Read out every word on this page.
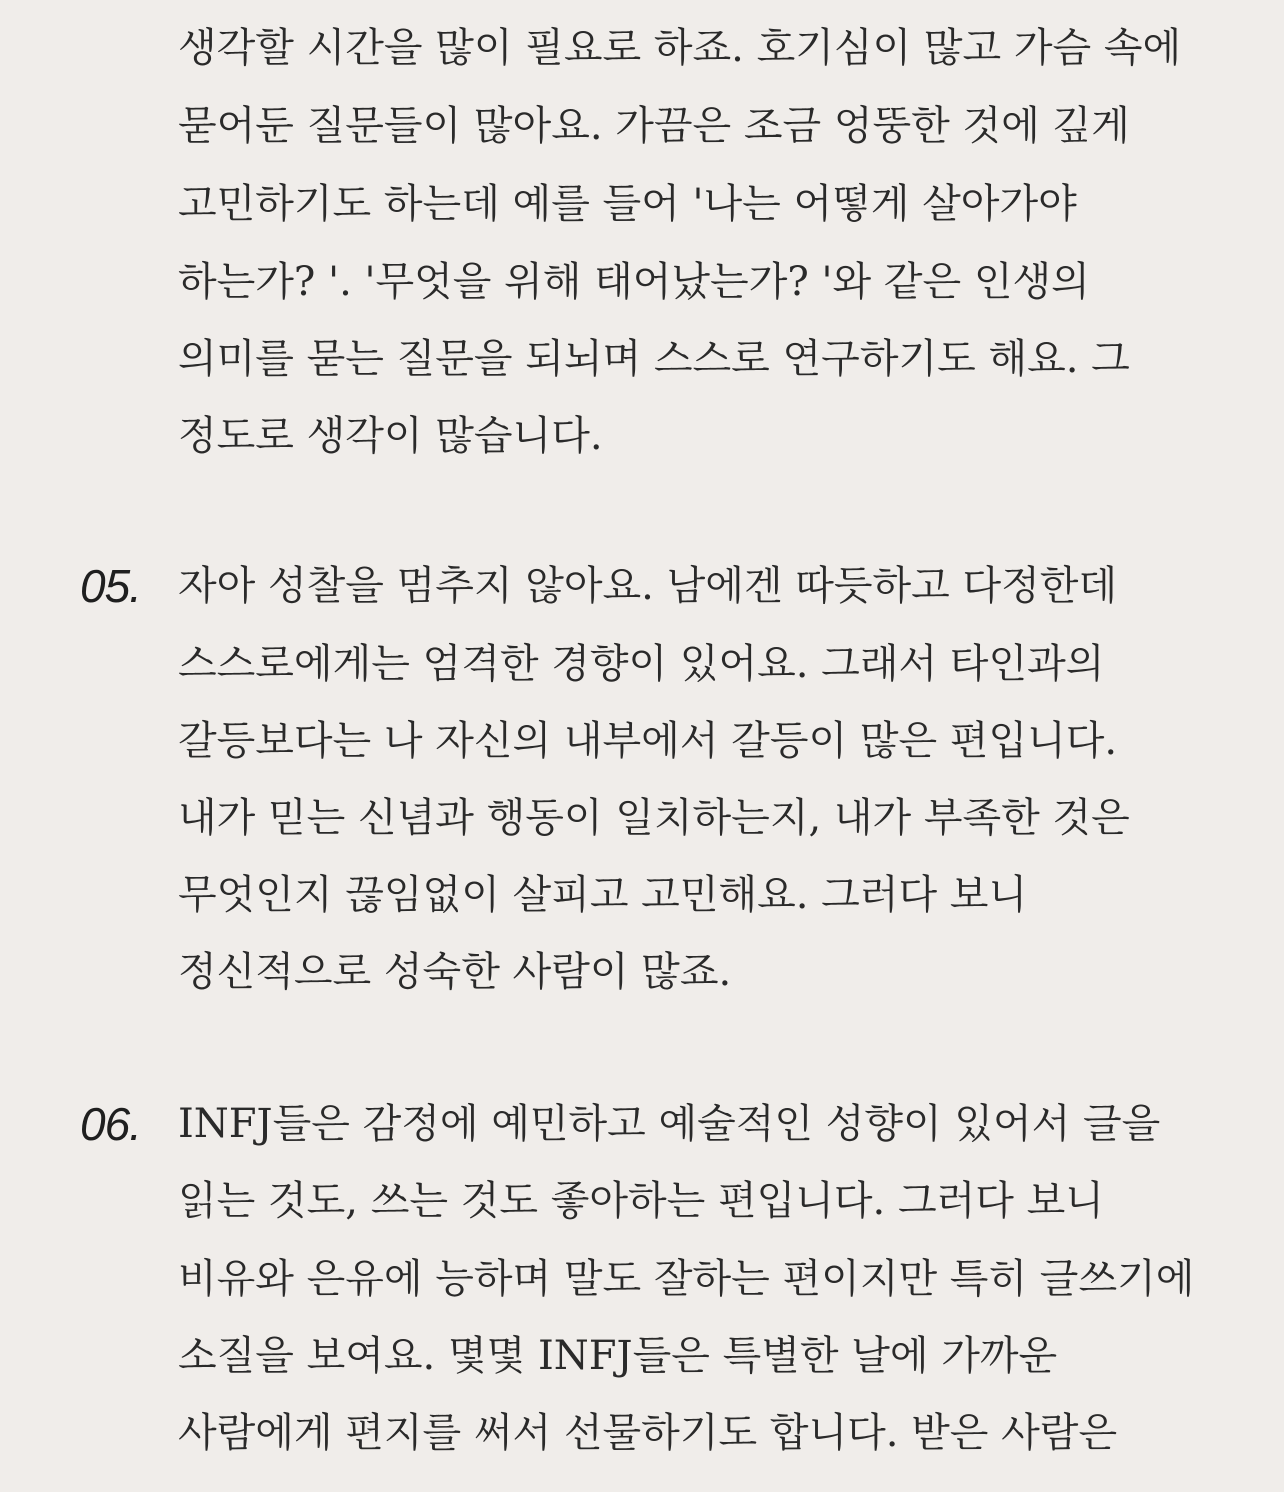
생각할 시간을 많이 필요로 하죠. 호기심이 많고 가슴 속에
묻어둔 질문들이 많아요. 가끔은 조금 엉뚱한 것에 깊게
고민하기도 하는데 예를 들어 '나는 어떻게 살아가야
하는가? '. '무엇을 위해 태어났는가? '와 같은 인생의
의미를 묻는 질문을 되뇌며 스스로 연구하기도 해요. 그
정도로 생각이 많습니다.
05. 자아 성찰을 멈추지 않아요. 남에겐 따듯하고 다정한데
스스로에게는 엄격한 경향이 있어요. 그래서 타인과의
갈등보다는 나 자신의 내부에서 갈등이 많은 편입니다.
내가 믿는 신념과 행동이 일치하는지, 내가 부족한 것은
무엇인지 끊임없이 살피고 고민해요. 그러다 보니
정신적으로 성숙한 사람이 많죠.
06. INFJ들은 감정에 예민하고 예술적인 성향이 있어서 글을
읽는 것도, 쓰는 것도 좋아하는 편입니다. 그러다 보니
비유와 은유에 능하며 말도 잘하는 편이지만 특히 글쓰기에
소질을 보여요. 몇몇 INFJ들은 특별한 날에 가까운
사람에게 편지를 써서 선물하기도 합니다. 받은 사람은
